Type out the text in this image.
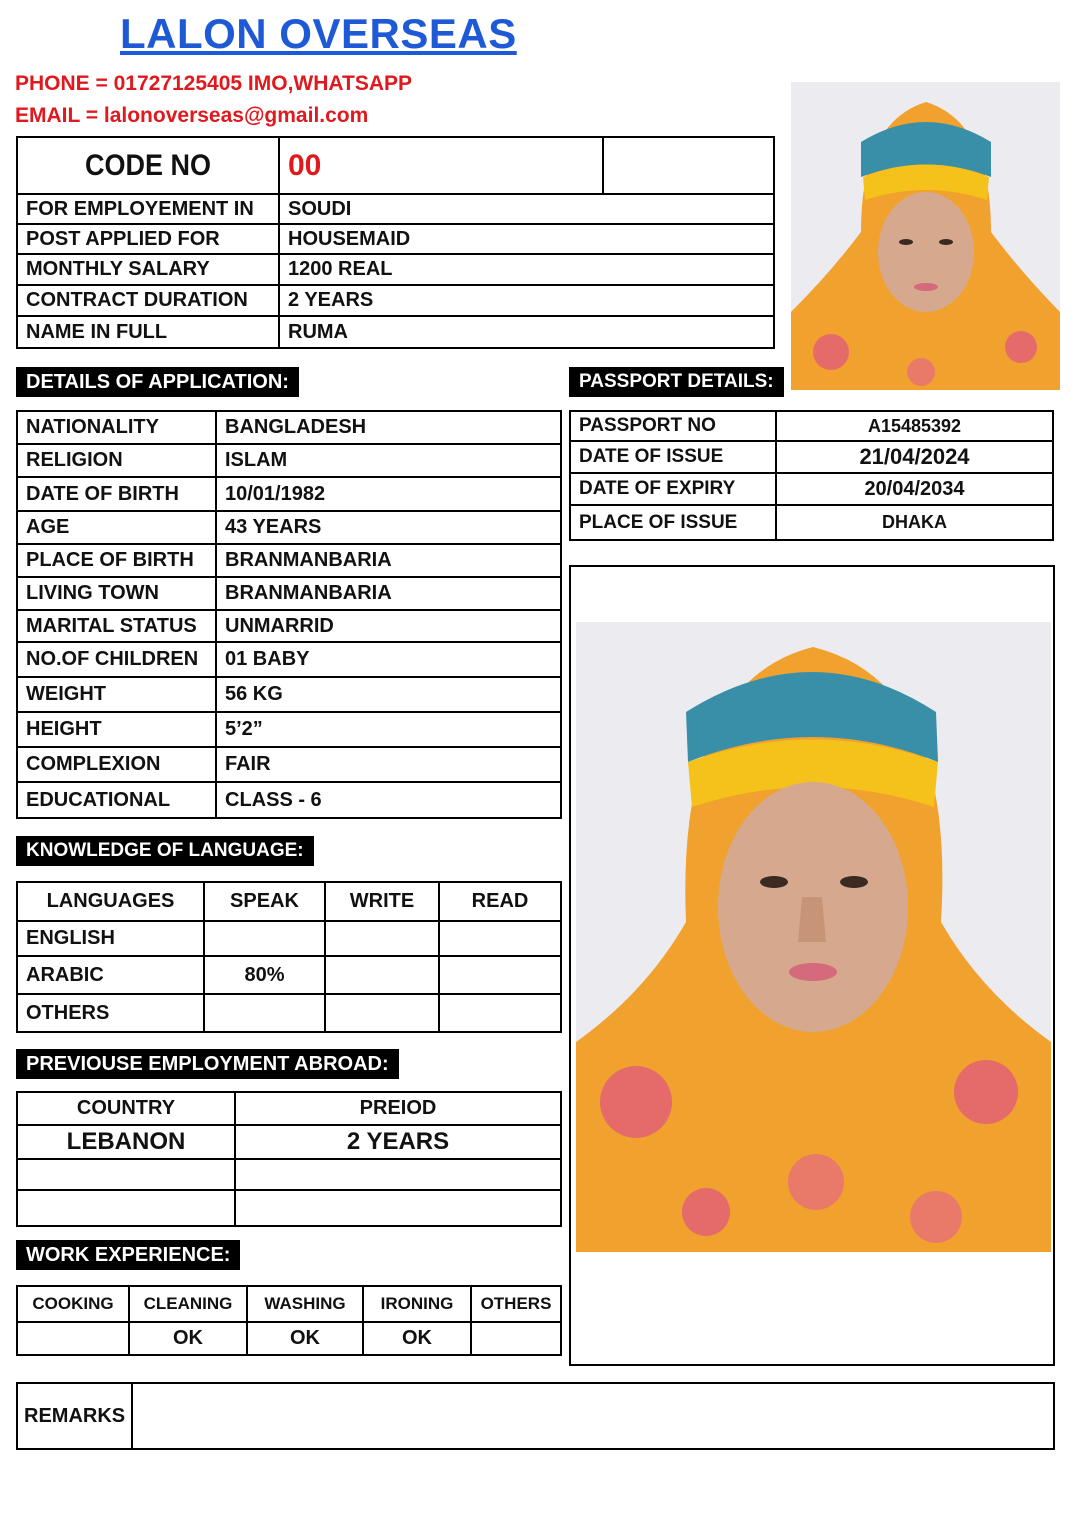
LALON OVERSEAS
PHONE = 01727125405 IMO,WHATSAPP
EMAIL = lalonoverseas@gmail.com
CODE NO	00	
FOR EMPLOYEMENT IN	SOUDI	
POST APPLIED FOR	HOUSEMAID	
MONTHLY SALARY	1200 REAL	
CONTRACT DURATION	2 YEARS	
NAME IN FULL	RUMA	
DETAILS OF APPLICATION:	PASSPORT DETAILS:
NATIONALITY	BANGLADESH
RELIGION	ISLAM
DATE OF BIRTH	10/01/1982
AGE	43 YEARS
PLACE OF BIRTH	BRANMANBARIA
LIVING TOWN	BRANMANBARIA
MARITAL STATUS	UNMARRID
NO.OF CHILDREN	01 BABY
WEIGHT	56 KG
HEIGHT	5’2”
COMPLEXION	FAIR
EDUCATIONAL	CLASS - 6
PASSPORT NO	A15485392
DATE OF ISSUE	21/04/2024
DATE OF EXPIRY	20/04/2034
PLACE OF ISSUE	DHAKA
KNOWLEDGE OF LANGUAGE:
LANGUAGES	SPEAK	WRITE	READ
ENGLISH			
ARABIC	80%		
OTHERS			
PREVIOUSE EMPLOYMENT ABROAD:
COUNTRY	PREIOD
LEBANON	2 YEARS

WORK EXPERIENCE:
COOKING	CLEANING	WASHING	IRONING	OTHERS
	OK	OK	OK	
REMARKS	
